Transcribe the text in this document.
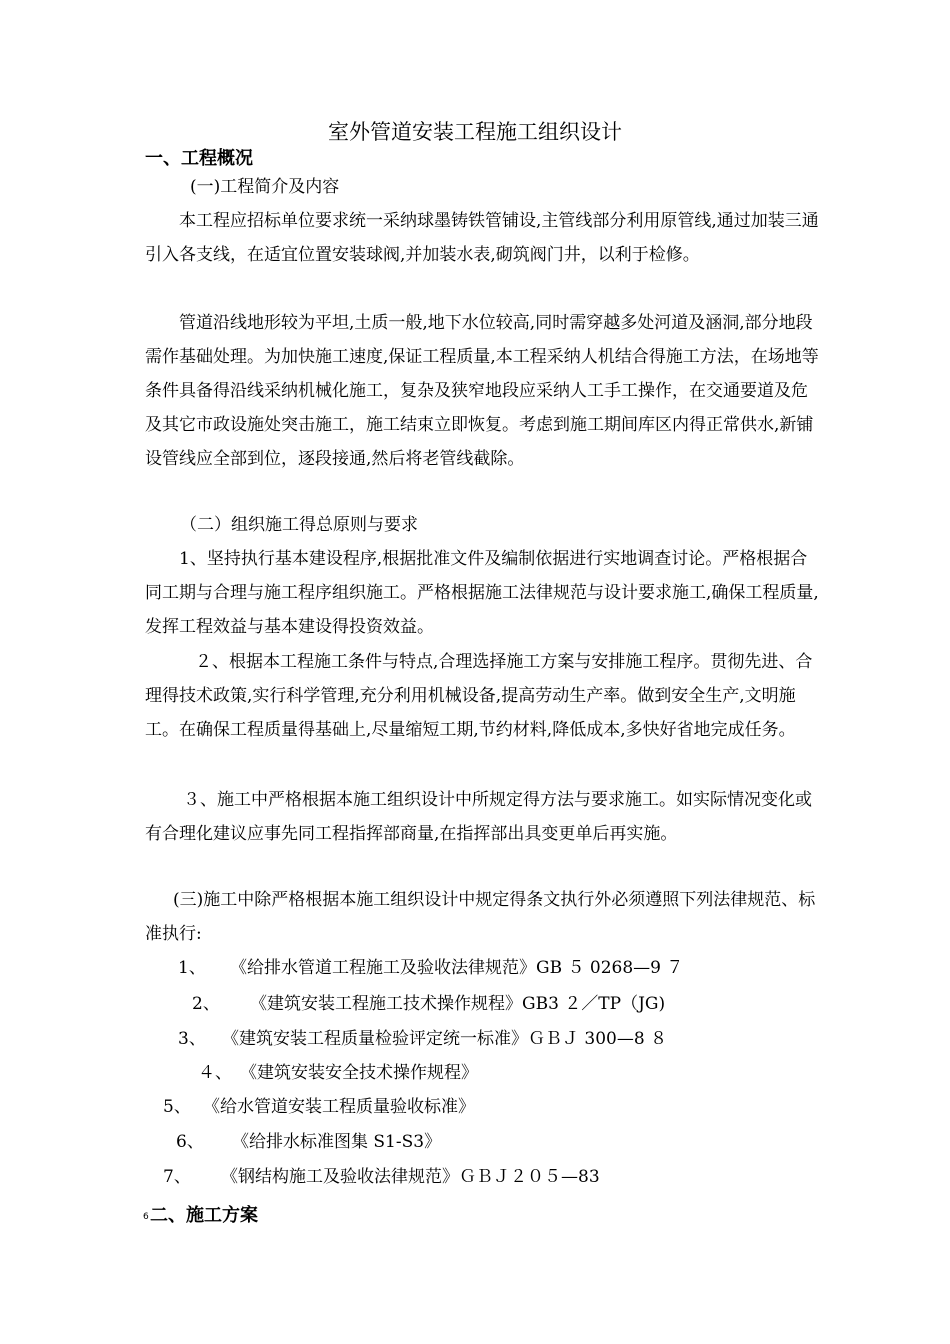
室外管道安装工程施工组织设计
一、工程概况

(一)工程简介及内容

本工程应招标单位要求统一采纳球墨铸铁管铺设,主管线部分利用原管线,通过加装三通引入各支线，在适宜位置安装球阀,并加装水表,砌筑阀门井，以利于检修。

管道沿线地形较为平坦,土质一般,地下水位较高,同时需穿越多处河道及涵洞,部分地段需作基础处理。为加快施工速度,保证工程质量,本工程采纳人机结合得施工方法，在场地等条件具备得沿线采纳机械化施工，复杂及狭窄地段应采纳人工手工操作，在交通要道及危及其它市政设施处突击施工，施工结束立即恢复。考虑到施工期间库区内得正常供水,新铺设管线应全部到位，逐段接通,然后将老管线截除。

（二）组织施工得总原则与要求

1、坚持执行基本建设程序,根据批准文件及编制依据进行实地调查讨论。严格根据合同工期与合理与施工程序组织施工。严格根据施工法律规范与设计要求施工,确保工程质量,发挥工程效益与基本建设得投资效益。

２、根据本工程施工条件与特点,合理选择施工方案与安排施工程序。贯彻先进、合理得技术政策,实行科学管理,充分利用机械设备,提高劳动生产率。做到安全生产,文明施工。在确保工程质量得基础上,尽量缩短工期,节约材料,降低成本,多快好省地完成任务。

３、施工中严格根据本施工组织设计中所规定得方法与要求施工。如实际情况变化或有合理化建议应事先同工程指挥部商量,在指挥部出具变更单后再实施。

(三)施工中除严格根据本施工组织设计中规定得条文执行外必须遵照下列法律规范、标准执行:

1、 《给排水管道工程施工及验收法律规范》GB ５ 0268—9 ７

2、 《建筑安装工程施工技术操作规程》GB3 ２／TP（JG)

3、 《建筑安装工程质量检验评定统一标准》ＧＢＪ 300—8 ８

４、 《建筑安装安全技术操作规程》

5、 《给水管道安装工程质量验收标准》

6、 《给排水标准图集 S1-S3》

7、 《钢结构施工及验收法律规范》ＧＢＪ２０５—83

6 二、施工方案
